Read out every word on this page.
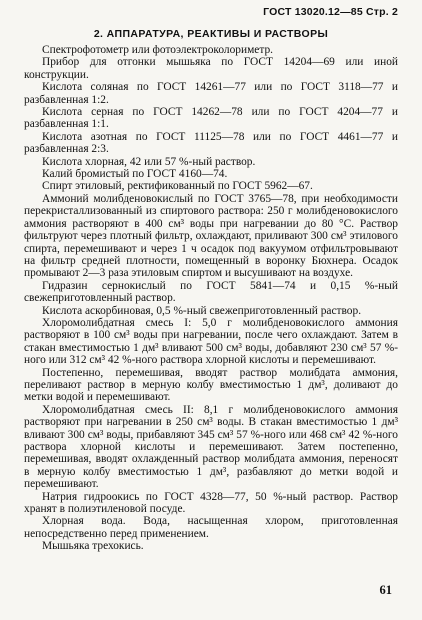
ГОСТ 13020.12—85 Стр. 2
2. АППАРАТУРА, РЕАКТИВЫ И РАСТВОРЫ

Спектрофотометр или фотоэлектроколориметр.

Прибор для отгонки мышьяка по ГОСТ 14204—69 или иной конструкции.

Кислота соляная по ГОСТ 14261—77 или по ГОСТ 3118—77 и разбавленная 1:2.

Кислота серная по ГОСТ 14262—78 или по ГОСТ 4204—77 и разбавленная 1:1.

Кислота азотная по ГОСТ 11125—78 или по ГОСТ 4461—77 и разбавленная 2:3.

Кислота хлорная, 42 или 57 %-ный раствор.

Калий бромистый по ГОСТ 4160—74.

Спирт этиловый, ректификованный по ГОСТ 5962—67.

Аммоний молибденовокислый по ГОСТ 3765—78, при необходимости перекристаллизованный из спиртового раствора: 250 г молибденовокислого аммония растворяют в 400 см³ воды при нагревании до 80 °С. Раствор фильтруют через плотный фильтр, охлаждают, приливают 300 см³ этилового спирта, перемешивают и через 1 ч осадок под вакуумом отфильтровывают на фильтр средней плотности, помещенный в воронку Бюхнера. Осадок промывают 2—3 раза этиловым спиртом и высушивают на воздухе.

Гидразин сернокислый по ГОСТ 5841—74 и 0,15 %-ный свежеприготовленный раствор.

Кислота аскорбиновая, 0,5 %-ный свежеприготовленный раствор.

Хлоромолибдатная смесь I: 5,0 г молибденовокислого аммония растворяют в 100 см³ воды при нагревании, после чего охлаждают. Затем в стакан вместимостью 1 дм³ вливают 500 см³ воды, добавляют 230 см³ 57 %-ного или 312 см³ 42 %-ного раствора хлорной кислоты и перемешивают.

Постепенно, перемешивая, вводят раствор молибдата аммония, переливают раствор в мерную колбу вместимостью 1 дм³, доливают до метки водой и перемешивают.

Хлоромолибдатная смесь II: 8,1 г молибденовокислого аммония растворяют при нагревании в 250 см³ воды. В стакан вместимостью 1 дм³ вливают 300 см³ воды, прибавляют 345 см³ 57 %-ного или 468 см³ 42 %-ного раствора хлорной кислоты и перемешивают. Затем постепенно, перемешивая, вводят охлажденный раствор молибдата аммония, переносят в мерную колбу вместимостью 1 дм³, разбавляют до метки водой и перемешивают.

Натрия гидроокись по ГОСТ 4328—77, 50 %-ный раствор. Раствор хранят в полиэтиленовой посуде.

Хлорная вода. Вода, насыщенная хлором, приготовленная непосредственно перед применением.

Мышьяка трехокись.

61
